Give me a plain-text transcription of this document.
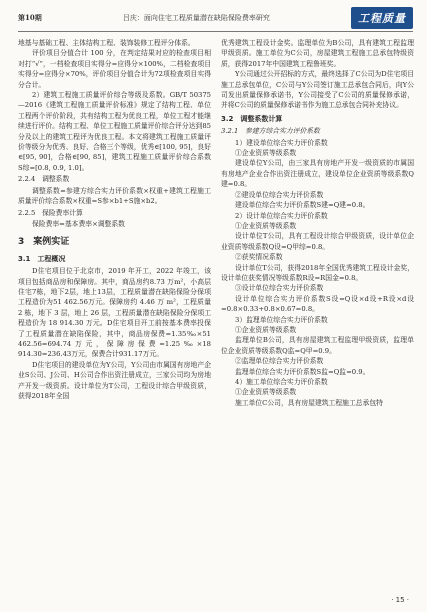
第10期	吕庆：面向住宅工程质量潜在缺陷保险费率研究	工程质量

地基与基础工程、主体结构工程、装饰装修工程评分体系。

评价项目分值合计 100 分，在判定结果对应的检查项目相对打“√”，一档检查项目实得分=应得分×100%，二档检查项目实得分=应得分×70%，评价项目分值合计为72项检查项目实得分合计。

2）建筑工程施工质量评价综合等级及系数。GB/T 50375—2016《建筑工程施工质量评价标准》规定了结构工程、单位工程两个评价阶段，共有结构工程为优良工程，单位工程才能继续进行评价。结构工程、单位工程施工质量评价综合评分达到85分及以上的建筑工程评为优良工程。本文将建筑工程施工质量评价等级分为优秀、良好、合格三个等级，优秀∈[100, 95]，良好∈[95, 90]，合格∈[90, 85]，建筑工程施工质量评价综合系数 S综=[0.8, 0.9, 1.0]。

2.2.4　调整系数

调整系数=参建方综合实力评价系数×权重+建筑工程施工质量评价综合系数×权重=S参×b1+S施×b2。

2.2.5　保险费率计算

保险费率=基本费率×调整系数

3　案例实证
3.1　工程概况

D住宅项目位于北京市，2019 年开工，2022 年竣工，该项目包括商品房和保障房。其中，商品房约8.73 万m²，小高层住宅7栋，地下2层，地上13层，工程质量潜在缺陷保险分保项工程造价为51 462.56万元。保障房约 4.46 万 m²，工程质量 2 栋，地下 3 层，地上 26 层，工程质量潜在缺陷保险分保项工程造价为 18 914.30 万元。D住宅项目开工前按基本费率投保了工程质量潜在缺陷保险，其中，商品房保费=1.35‰×51 462.56=694.74万元，保障房保费=1.25‰×18 914.30=236.43万元，保费合计931.17万元。

D住宅项目的建设单位为Y公司，Y公司由市属国有房地产企业S公司、J公司、H公司合作出资注册成立，三家公司均为房地产开发一级资质。设计单位为T公司，工程设计综合甲级资质，获得2018年全国

优秀建筑工程设计金奖。监理单位为B公司，具有建筑工程监理甲级资质。施工单位为C公司，房屋建筑工程施工总承包特级资质，获得2017年中国建筑工程鲁班奖。

Y公司通过公开招标的方式，最终选择了C公司为D住宅项目施工总承包单位，C公司与Y公司签订施工总承包合同后，向Y公司发出质量保修承诺书，Y公司接受了C公司的质量保修承诺，并将C公司的质量保修承诺书作为施工总承包合同补充协议。

3.2　调整系数计算
3.2.1　参建方综合实力评价系数

1）建设单位综合实力评价系数

①企业资质等级系数

建设单位Y公司，由三家具有房地产开发一级资质的市属国有房地产企业合作出资注册成立，建设单位企业资质等级系数Q建=0.8。

②建设单位综合实力评价系数

建设单位综合实力评价系数S建=Q建=0.8。

2）设计单位综合实力评价系数

①企业资质等级系数

设计单位T公司，具有工程设计综合甲级资质，设计单位企业资质等级系数Q设=Q甲综=0.8。

②获奖情况系数

设计单位T公司，获得2018年全国优秀建筑工程设计金奖，设计单位获奖情况等级系数R设=R国金=0.8。

③设计单位综合实力评价系数

设计单位综合实力评价系数S设=Q设×d设+R设×d设=0.8×0.33+0.8×0.67=0.8。

3）监理单位综合实力评价系数

①企业资质等级系数

监理单位B公司，具有房屋建筑工程监理甲级资质，监理单位企业资质等级系数Q监=Q甲=0.9。

②监理单位综合实力评价系数

监理单位综合实力评价系数S监=Q监=0.9。

4）施工单位综合实力评价系数

①企业资质等级系数

施工单位C公司，具有房屋建筑工程施工总承包特

· 15 ·
